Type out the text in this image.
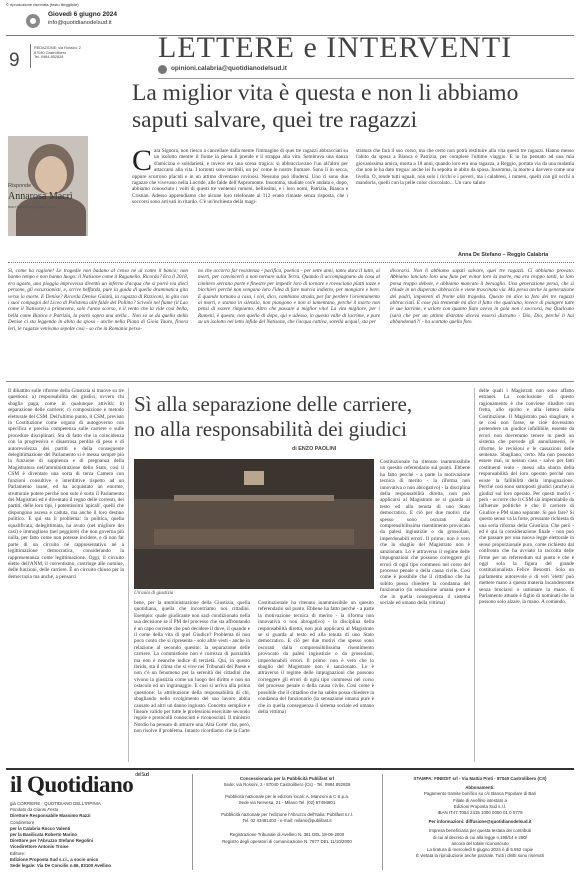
© riproduzione riservata (testo illeggibile)
Giovedì 6 giugno 2024
info@quotidianodelsud.it
9
REDAZIONE: via Rossini, 2
87040 Castrolibero
Tel. 0984-852828	LETTERE e INTERVENTI
opinioni.calabria@quotidianodelsud.it
La miglior vita è questa e non li abbiamo
saputi salvare, quei tre ragazzi
Risponde
Annarosa Macrì
macriannarosa@gmail.com
Cara Signora, non riesco a cancellare dalla mente l'immagine di quei tre ragazzi abbracciati su un isolotto mentre il fiume in piena li prende e li strappa alla vita. Sembrava una danza d'amicizia e solidarietà, e invece era una scena tragica: si abbracciavano l'un all'altro per attaccarsi alla vita. I torrenti sono terribili, un po' come le nostre fiumare. Sono lì in secca, oppure scorrono placidi e in un attimo diventano rovinosi. Nessuno può illudersi. Uno ci sono due ragazze che vivevano nella Locride, alle falde dell'Aspromonte. Insomma, studiate cos'è andata e, dopo, abbiamo conosciuto i volti di questi tre ventenni rumeni, bellissimi, e i loro nomi, Patrizia, Bianca e Cristian. Adesso apprendiamo che alcune loro telefonate al 112 erano rimaste senza risposta, che i soccorsi sono arrivati in ritardo. C'è un'inchiesta della magi-
stratura che farà il suo corso, ma che certo non potrà restituire alla vita questi tre ragazzi. Hanno messo l'abito da sposa a Bianca e Patrizia, per compiere l'ultimo viaggio. E io ho pensato ad una mia giovanissima amica, morta a 18 anni, quando loro era una ragazza, a Reggio, portata via da una malattia che non le ha dato tregua: anche lei fu sepolta in abito da sposa. Insomma, la morte a davvero come una livella. O, rende tutti uguali, non solo i ricchi e i poveri, ma i calabresi, i rumeni, quelli con gli occhi a mandorla, quelli con la pelle color cioccolato... Un caro saluto
Anna De Stefano – Reggio Calabria
Sì, come ha ragione! Le tragedie non badano al censo né al conto il banco; non hanno tempo e non hanno luogo: il Natisone come il Raganello. Ricorda? Era il 2018, era agosto, una pioggia improvvisa diventò un inferno d'acqua che si portò via dieci persone, gli escursionisti, e, scrive beffarda, pure la guida di quella drammatica gita verso la morte. E Denise? Ricorda Denise Galatà, la ragazza di Rizziconi, in gita con i suoi compagni del Liceo di Polistena alle falde del Pollino? Scivolò nel fiume (il Lao come il Natisone) a primavera, solo l'anno scorso, e il vento che la vide così bella, bella come Bianca e Patrizia, la portò sopra una stella... Non so se da quella stella Denise ci sta leggendo in abito da sposa - anche nella Piana di Gioia Tauro, finora leri, le ragazze venivano sepolte così - so che in Romania perso-
no che occorra far resistenza - pacifica, poetica - per sette anni, tanto dura il lutto, ai morti, per convincerli a non tornare sulla Terra. Quando il accompagnano da casa al cimitero serrano porte e finestre per impedir loro di tornare e rovesciano piatti tazze e bicchieri perché non vengano loro l'idea di fare marcia indietro, per mangiare e bere. E quando tornano a casa, i vivi, dico, cambiano strada, per far perdere l'orientamento ai morti, e stanno in silenzio, non piangono e non si lamentano, perché il morto non pensi di essere rimpianto. Altro che passare a miglior vita! La vita migliore, per i Rumeni, è questa, non quella di dopo, qui e adesso, in questa valle di lacrime, e pure su un isolotto nel letto infido del Natisone, che l'acqua cattiva, sorella acqua!, sta per
divorarsi. Non li abbiamo saputi salvare, quei tre ragazzi. Ci abbiamo provato. Abbiamo lanciato loro una fune per evitar loro la morte, ma era troppo tardi, la loro presa troppo debole, e abbiamo mancato il bersaglio. Una generazione persa, che si chiude in un disperato abbraccio e viene trascinata via. Ma persa anche la generazione dei padri, impotenti di fronte alla tragedia. Questo mi dice la foto dei tre ragazzi abbracciati. E cose più tremende mi dice il fatto che qualcuno, invece di piangere tutte le sue lacrime, e urlare con quanto fiato aveva in gola non i soccorsi, ma Qualcuno (sarà che per un attimo distratto diceva essersi distratto - Dio, Dio, perché li hai abbandonati?! - ha scattato quella foto.
Il dibattito sulle riforme della Giustizia si muove su tre questioni: a) responsabilità dei giudici, ovvero chi sbaglia paga, come in qualunque attività; b) separazione delle carriere; c) composizione e metodo elettorale del CSM. Dell'ultimo punto, il CSM, previsto in Costituzione come organo di autogoverno con specifica e precisa competenza sulle carriere e sulle procedure disciplinari. Sta di fatto che in coincidenza con la progressiva e disastrosa perdita di peso e di autorevolezza dei partiti e della conseguente delegittimazione del Parlamento si è messa sempre più la funzione di supplenza e di pregnanza della Magistratura nell'amministrazione dello Stato, così il CSM è diventato una sorta di terza Camera con funzioni consultive e interdittive rispetto ad un Parlamento inane, ed ha acquistato un enorme, strutturale potere perché non solo è sorto il Parlamento dei Magistrati ed è diventato il regno delle correnti, dei partiti, delle loro tipi, i potentissimi 'apicali', quelli che dispongono ascesa e caduta, ma anche il loro destino politico. E qui sta il problema: la politica, quella squalificata, delegittimata, ha avuto (nel migliore dei casi) e immoglioso (nel peggiore) che non governa più nulla, per fatto come non potesse incidere, e di non far parte di un circuito né rappresentativo né a legittimazione democratica, considerando la rappresentanza come legittimazione. Oggi, il circuito eletto dell'ANM, il correntismo, costringe alle nomine, delle funzioni, delle carriere. È un circuito chiuso per la democrazia ma anche, a pensarci
Sì alla separazione delle carriere,
no alla responsabilità dei giudici
di ENZO PAOLINI
Un'aula di giustizia
bene, per la amministrazione della Giustizia, quella quotidiana, quella che incontriamo noi cittadini. Esempio: quale giudicante non sarà condizionato nella sua decisione se il PM del processo che sta affrontando è un capo corrente che può decidere il dove, il quando e il come della vita di quel Giudice? Problema di non poco conto che si ripresenta - solo altre vesti - anche in relazione al secondo quesito: la separazione delle carriere. La commistione non è correzza di parzialità ma non è neanche indice di terzietà. Qui, in questo ibrido, sta il clima che si vive nei Tribunali del Paese e non c'è un fenomeno per la serenità dei cittadini che vivono la giustizia come un luogo del diritto e non un ostacolo ed un ingranaggio. E così si arriva alla prima questione: la attribuzione della responsabilità di chi, sbagliando nello svolgimento del suo lavoro abbia causato ad altri un danno ingiusto. Concetto semplice e lineare valido per tutte le professioni esercitate secondo regole e protocolli conosciuti e riconosciuti. Il ministro Nordio ha pensato di attrarre una 'Alta Corte' che, però, non risolve il problema. Intanto ricordiamo che la Carte
Costituzionale ha ritenuto inammissibile un quesito referendario sul punto. Ebbene ha fatto perché - a parte la motivazione tecnica di merito - la riforma non innovativa o non abrogativo) - la disciplina della responsabilità diretta, non può applicarsi al Magistrato se si guarda al testo ed alla tenuta di uno Stato democratico. E ciò per due motivi che spesso sono oscurati dalla comprensibilissima risentimento provocato da palesi ingiustizie o da grossolani, imperdonabili errori. Il primo: non è vero che lo sbaglio del Magistrato non è sanzionato. Lo è attraverso il regime delle impugnazioni che possono correggere gli errori di ogni tipo commessi nel corso del processo penale o della causa civile. Così come è possibile che il cittadino che ha subìto possa chiedere la condanna del funzionario (la sensazione umana pure è che in quella conseguenza il sistema sociale ed umano della vittima)
Costituzionale ha ritenuto inammissibile un quesito referendario sul punto. Ebbene ha fatto perché - a parte la motivazione tecnica di merito - la riforma non innovativa o non abrogativo) - la disciplina della responsabilità diretta, non può applicarsi al Magistrato se si guarda al testo ed alla tenuta di uno Stato democratico. E ciò per due motivi che spesso sono oscurati dalla comprensibilissima risentimento provocato da palesi ingiustizie o da grossolani, imperdonabili errori. Il primo: non è vero che lo sbaglio del Magistrato non è sanzionato. Lo è attraverso il regime delle impugnazioni che possono correggere gli errori di ogni tipo commessi nel corso del processo penale o della causa civile. Così come è possibile che il cittadino che ha subìto possa chiedere la condanna del funzionario (la sensazione umana pure è che in quella conseguenza il sistema sociale ed umano della vittima)
delle quali i Magistrati non sono affatto estranei. La conclusione di questo ragionamento è che conviene ribadire con fretta, allo spirito e alla lettera della Costituzione. Il Magistrato può sbagliare, e se così non fosse, se cioè dovessimo pretendere un giudice infallibile, essente da errori non dovremmo tenere in piedi un sistema che prevede gli annullamenti, le riforme, le revisioni e le cassazioni delle sentenze. Sbagliano, certo. Ma non possono essere mai, in nessun caso - salvo per fatti costituenti reato - messi alla sbarra della responsabilità del loro operato perché non esiste la fallibilità della impugnazione. Perché così sono sottoposti giudici (anche) ai giudizi sul loro operato. Per questi motivi - però - occorre che il CSM sia imperniabile da influenze politiche e che il carriere di Giudice e PM siano separate. Si può fare? Si questo senso va la forte, pressante richiesta di una seria riforma della Giustizia. Che però - ed è qui la considerazione finale - non può che passare per una nuova legge elettorale in senso proporzionale puro, come richiesto dal confronto che ha avviato la raccolta delle firme per un referendum sul punto e che è oggi sola la figura del grande costituzionalista Felice Besostri. Solo un parlamento autorevole e di veri 'eletti' può mettere mano a questa materia incandescente senza bruciarsi o ustionare la mano. E Parlamento attuale è figlio di nominati che la possono solo alzare, la mano. A comando.
il Quotidiano $^{del Sud}$
già CORRIERE - QUOTIDIANO DELL'IRPINIA
Fondato da Gianni Festa
Direttore Responsabile Massimo Razzi
Condirettore
per la Calabria Rocco Valenti
per la Basilicata Roberto Marino
Direttore per l'Abruzzo Stefano Regolini
Vicedirettore Antonio Troise
Editore:
Edizione Proposta Sud s.r.l., a socio unico
Sede legale: Via De Concilis n.66, 83100 Avellino
Concessionaria per la Pubblicità Publifast srl
Sede: via Rossini, 2 - 87040 Castrolibero (Cs) - Tel. 0984 852828
Pubblicità nazionale per le edizioni locali: A. Manzoni & C S.p.a.
Sede via Nervesa, 21 - Milano Tel. (02) 57494801
Pubblicità nazionale per l'edizione l'Abruzzo dell'Italia: Publifast s.r.l.
Tel. 02 43481403 - e-mail: milano@publifast.it
Registrazione Tribunale di Avellino N. 381 DEL 18-05-2000
Registro degli operatori di comunicazione N. 7877 DEL 11/10/2000
STAMPA: FINEDIT srl - Via Mattia Preti - 87040 Castrolibero (CS)
Abbonamenti:
Pagamento tramite bonifico su c/c Banca Popolare di Bari
Filiale di Avellino intestato a
Edizioni Proposta Sud s.r.l.
IBAN IT47 T054 2415 1000 0000 01 0 0779
Per informazioni: diffusione@quotidianodelsud.it
Impresa beneficiaria per questa testata dei contributi
di cui al decreto di cui alla legge n.198/14 e 250/
ancora del totale riconosciuto
La tiratura di mercoledì 5 giugno 2024 è di 5.552 copie
È vietata la riproduzione anche parziale. Tutti i diritti sono riservati
